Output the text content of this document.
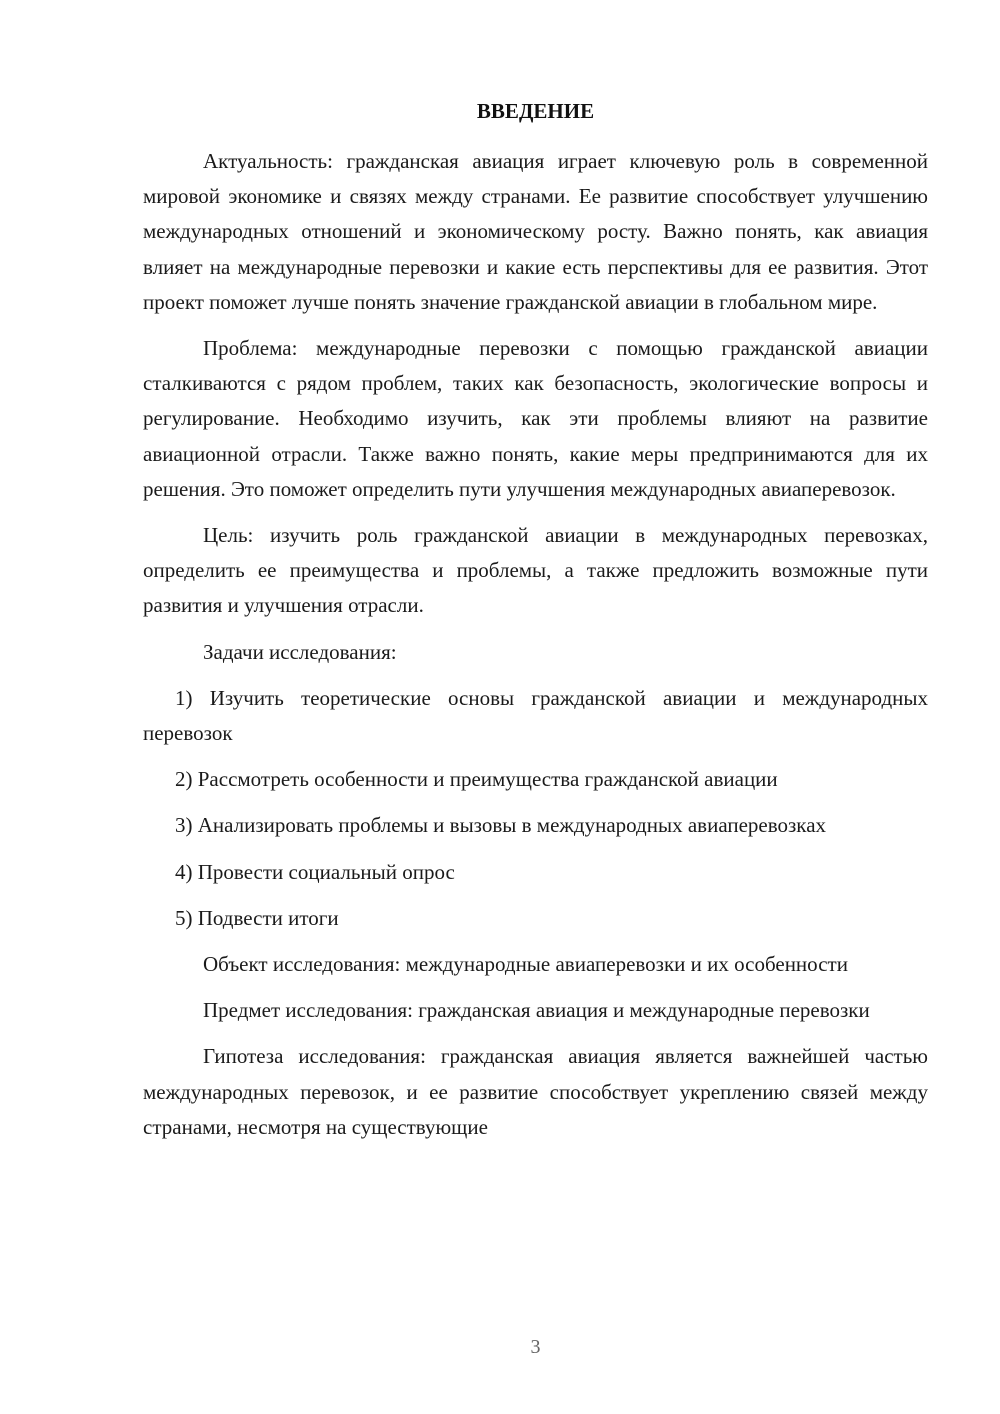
ВВЕДЕНИЕ

Актуальность: гражданская авиация играет ключевую роль в современной мировой экономике и связях между странами. Ее развитие способствует улучшению международных отношений и экономическому росту. Важно понять, как авиация влияет на международные перевозки и какие есть перспективы для ее развития. Этот проект поможет лучше понять значение гражданской авиации в глобальном мире.

Проблема: международные перевозки с помощью гражданской авиации сталкиваются с рядом проблем, таких как безопасность, экологические вопросы и регулирование. Необходимо изучить, как эти проблемы влияют на развитие авиационной отрасли. Также важно понять, какие меры предпринимаются для их решения. Это поможет определить пути улучшения международных авиаперевозок.

Цель: изучить роль гражданской авиации в международных перевозках, определить ее преимущества и проблемы, а также предложить возможные пути развития и улучшения отрасли.

Задачи исследования:

1) Изучить теоретические основы гражданской авиации и международных перевозок

2) Рассмотреть особенности и преимущества гражданской авиации

3) Анализировать проблемы и вызовы в международных авиаперевозках

4) Провести социальный опрос

5) Подвести итоги

Объект исследования: международные авиаперевозки и их особенности

Предмет исследования: гражданская авиация и международные перевозки

Гипотеза исследования: гражданская авиация является важнейшей частью международных перевозок, и ее развитие способствует укреплению связей между странами, несмотря на существующие

3
